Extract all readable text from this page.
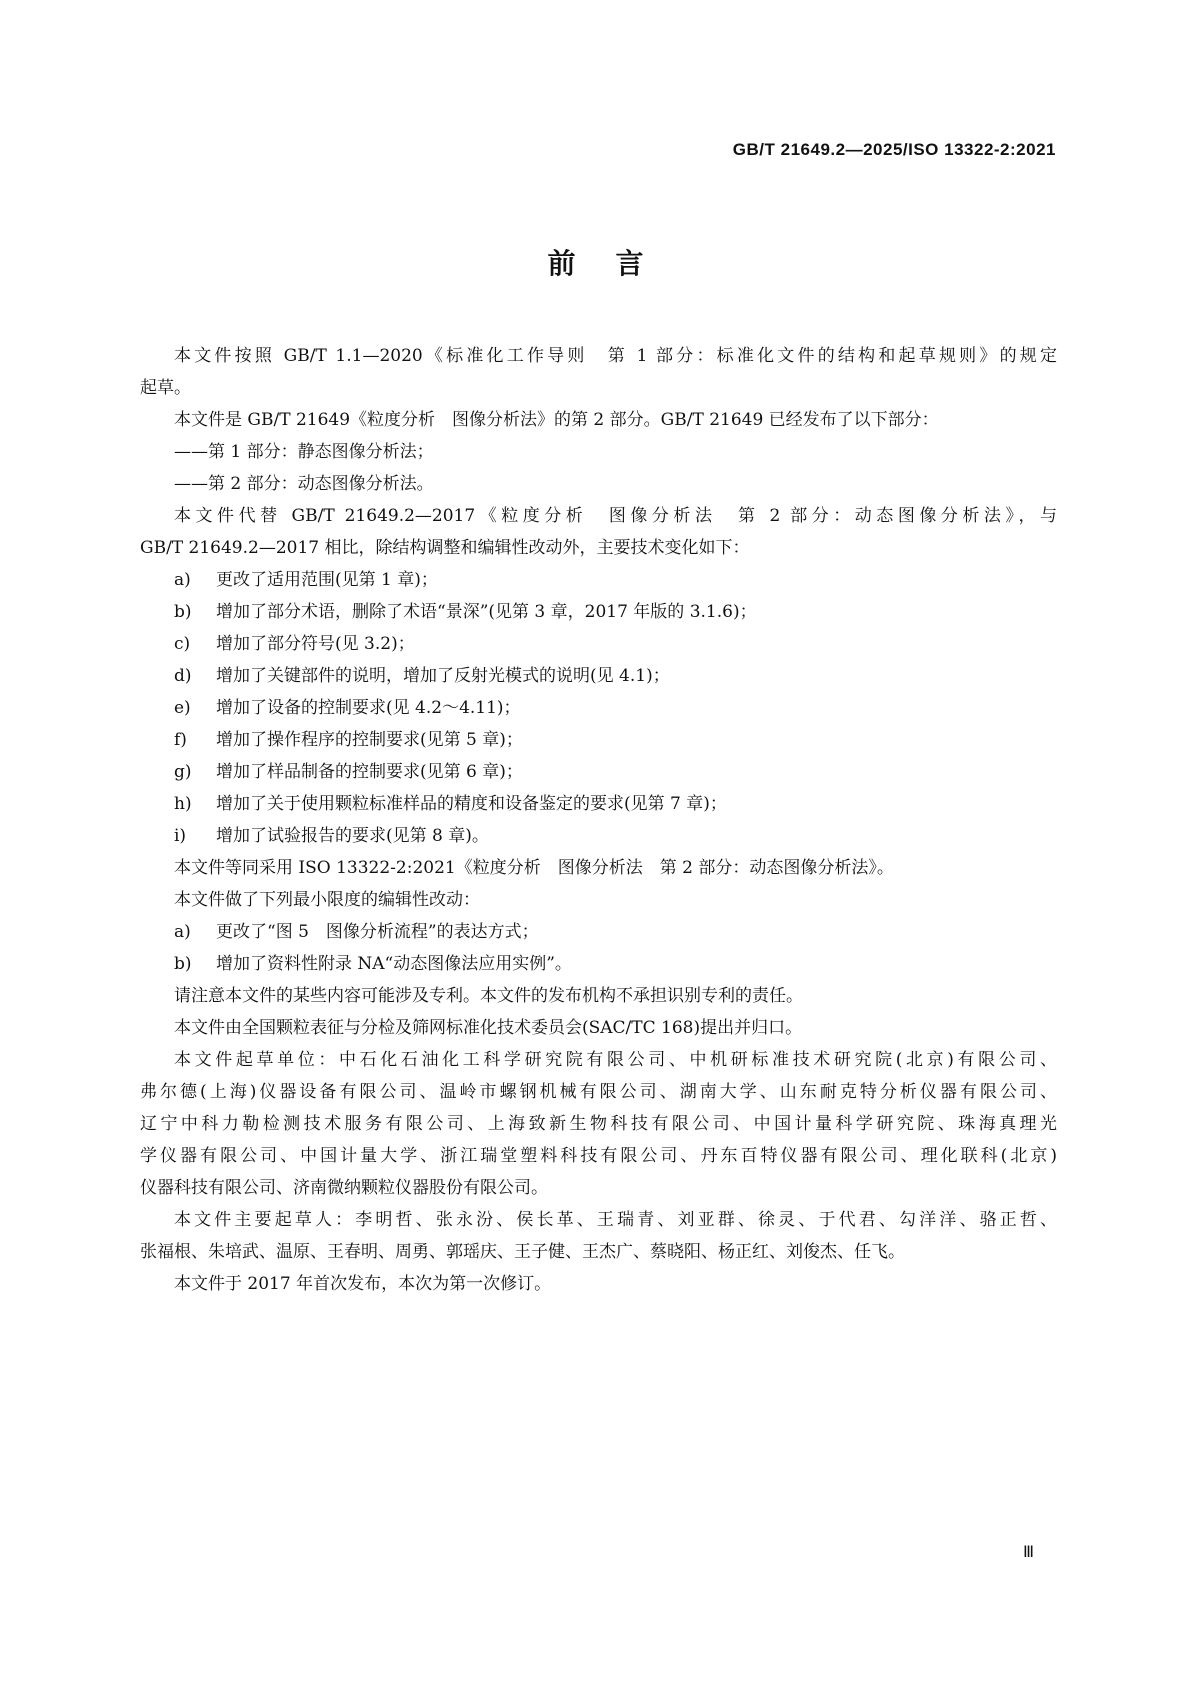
GB/T 21649.2—2025/ISO 13322-2:2021
前言

本文件按照 GB/T 1.1—2020《标准化工作导则　第 1 部分：标准化文件的结构和起草规则》的规定

起草。

本文件是 GB/T 21649《粒度分析　图像分析法》的第 2 部分。GB/T 21649 已经发布了以下部分：

——第 1 部分：静态图像分析法；

——第 2 部分：动态图像分析法。

本文件代替 GB/T 21649.2—2017《粒度分析　图像分析法　第 2 部分：动态图像分析法》，与

GB/T 21649.2—2017 相比，除结构调整和编辑性改动外，主要技术变化如下：

a)	更改了适用范围(见第 1 章)；

b)	增加了部分术语，删除了术语“景深”(见第 3 章，2017 年版的 3.1.6)；

c)	增加了部分符号(见 3.2)；

d)	增加了关键部件的说明，增加了反射光模式的说明(见 4.1)；

e)	增加了设备的控制要求(见 4.2～4.11)；

f)	增加了操作程序的控制要求(见第 5 章)；

g)	增加了样品制备的控制要求(见第 6 章)；

h)	增加了关于使用颗粒标准样品的精度和设备鉴定的要求(见第 7 章)；

i)	增加了试验报告的要求(见第 8 章)。

本文件等同采用 ISO 13322-2:2021《粒度分析　图像分析法　第 2 部分：动态图像分析法》。

本文件做了下列最小限度的编辑性改动：

a)	更改了“图 5　图像分析流程”的表达方式；

b)	增加了资料性附录 NA“动态图像法应用实例”。

请注意本文件的某些内容可能涉及专利。本文件的发布机构不承担识别专利的责任。

本文件由全国颗粒表征与分检及筛网标准化技术委员会(SAC/TC 168)提出并归口。

本文件起草单位：中石化石油化工科学研究院有限公司、中机研标准技术研究院(北京)有限公司、

弗尔德(上海)仪器设备有限公司、温岭市螺钢机械有限公司、湖南大学、山东耐克特分析仪器有限公司、

辽宁中科力勒检测技术服务有限公司、上海致新生物科技有限公司、中国计量科学研究院、珠海真理光

学仪器有限公司、中国计量大学、浙江瑞堂塑料科技有限公司、丹东百特仪器有限公司、理化联科(北京)

仪器科技有限公司、济南微纳颗粒仪器股份有限公司。

本文件主要起草人：李明哲、张永汾、侯长革、王瑞青、刘亚群、徐灵、于代君、勾洋洋、骆正哲、

张福根、朱培武、温原、王春明、周勇、郭瑶庆、王子健、王杰广、蔡晓阳、杨正红、刘俊杰、任飞。

本文件于 2017 年首次发布，本次为第一次修订。

Ⅲ
